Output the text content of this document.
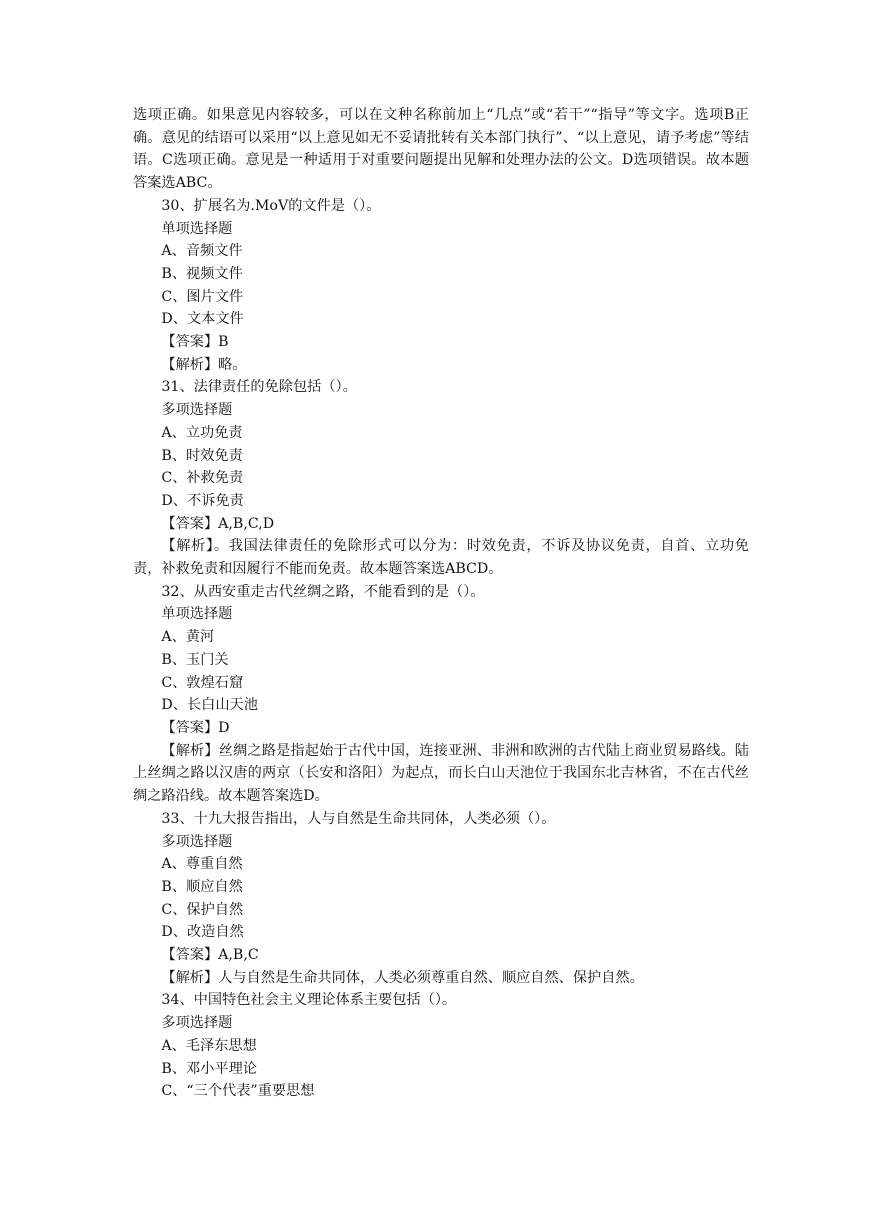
选项正确。如果意见内容较多，可以在文种名称前加上“几点”或“若干”“指导”等文字。选项B正确。意见的结语可以采用“以上意见如无不妥请批转有关本部门执行”、“以上意见，请予考虑”等结语。C选项正确。意见是一种适用于对重要问题提出见解和处理办法的公文。D选项错误。故本题答案选ABC。

30、扩展名为.MoV的文件是（）。

单项选择题

A、音频文件

B、视频文件

C、图片文件

D、文本文件

【答案】B

【解析】略。

31、法律责任的免除包括（）。

多项选择题

A、立功免责

B、时效免责

C、补救免责

D、不诉免责

【答案】A,B,C,D

【解析】。我国法律责任的免除形式可以分为：时效免责，不诉及协议免责，自首、立功免责，补救免责和因履行不能而免责。故本题答案选ABCD。

32、从西安重走古代丝绸之路，不能看到的是（）。

单项选择题

A、黄河

B、玉门关

C、敦煌石窟

D、长白山天池

【答案】D

【解析】丝绸之路是指起始于古代中国，连接亚洲、非洲和欧洲的古代陆上商业贸易路线。陆上丝绸之路以汉唐的两京（长安和洛阳）为起点，而长白山天池位于我国东北吉林省，不在古代丝绸之路沿线。故本题答案选D。

33、十九大报告指出，人与自然是生命共同体，人类必须（）。

多项选择题

A、尊重自然

B、顺应自然

C、保护自然

D、改造自然

【答案】A,B,C

【解析】人与自然是生命共同体，人类必须尊重自然、顺应自然、保护自然。

34、中国特色社会主义理论体系主要包括（）。

多项选择题

A、毛泽东思想

B、邓小平理论

C、“三个代表”重要思想
